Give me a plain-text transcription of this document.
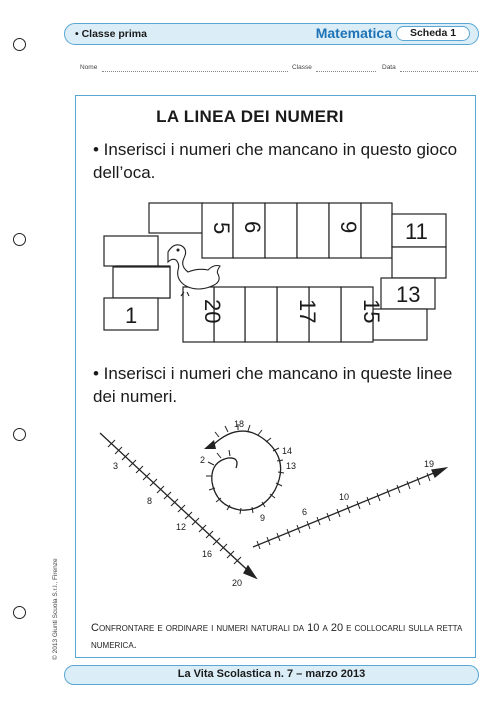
• Classe prima	Matematica	Scheda 1
Nome	Classe	Data
LA LINEA DEI NUMERI
• Inserisci i numeri che mancano in questo gioco dell’oca.
• Inserisci i numeri che mancano in queste linee dei numeri.
5 6	9
20	17 15
11
13
1
3
8
12
16
20
18
14
13
2
9
6
10
19
Confrontare e ordinare i numeri naturali da 10 a 20 e collocarli sulla retta numerica.
© 2013 Giunti Scuola S.r.l., Firenze
La Vita Scolastica n. 7 – marzo 2013
